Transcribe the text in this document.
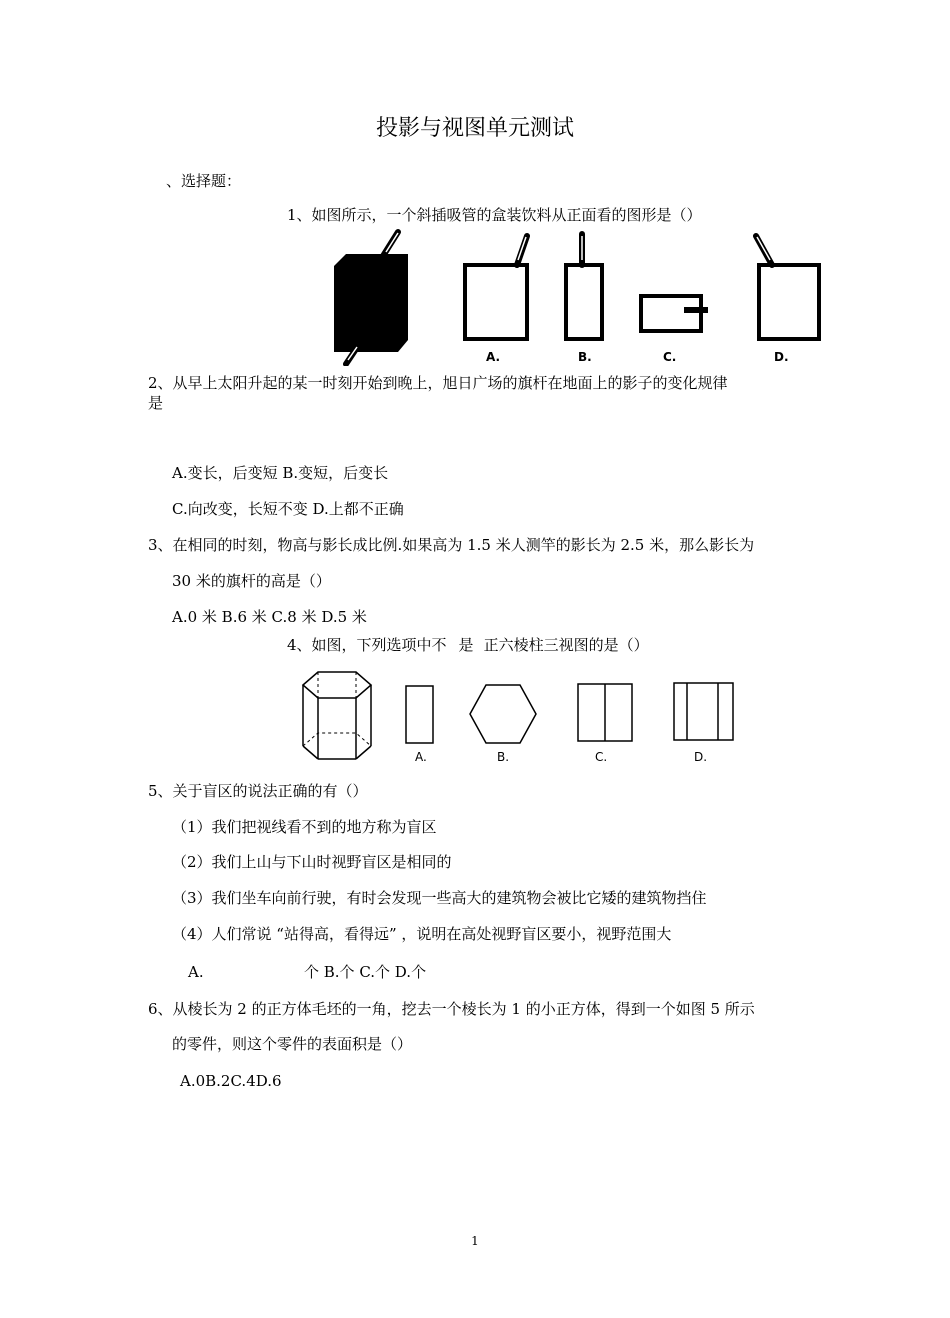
投影与视图单元测试
、选择题：
1、如图所示，一个斜插吸管的盒装饮料从正面看的图形是（）
A.	B.	C.	D.
2、从早上太阳升起的某一时刻开始到晚上，旭日广场的旗杆在地面上的影子的变化规律
是
A.变长，后变短 B.变短，后变长
C.向改变，长短不变 D.上都不正确
3、在相同的时刻，物高与影长成比例.如果高为 1.5 米人测竿的影长为 2.5 米，那么影长为
30 米的旗杆的高是（）
A.0 米 B.6 米 C.8 米 D.5 米
4、如图，下列选项中不 是 正六棱柱三视图的是（）
A.	B.	C.	D.
5、关于盲区的说法正确的有（）
（1）我们把视线看不到的地方称为盲区
（2）我们上山与下山时视野盲区是相同的
（3）我们坐车向前行驶，有时会发现一些高大的建筑物会被比它矮的建筑物挡住
（4）人们常说 “站得高，看得远” ，说明在高处视野盲区要小，视野范围大
A.	个 B.个 C.个 D.个
6、从棱长为 2 的正方体毛坯的一角，挖去一个棱长为 1 的小正方体，得到一个如图 5 所示
的零件，则这个零件的表面积是（）
A.0B.2C.4D.6
1
